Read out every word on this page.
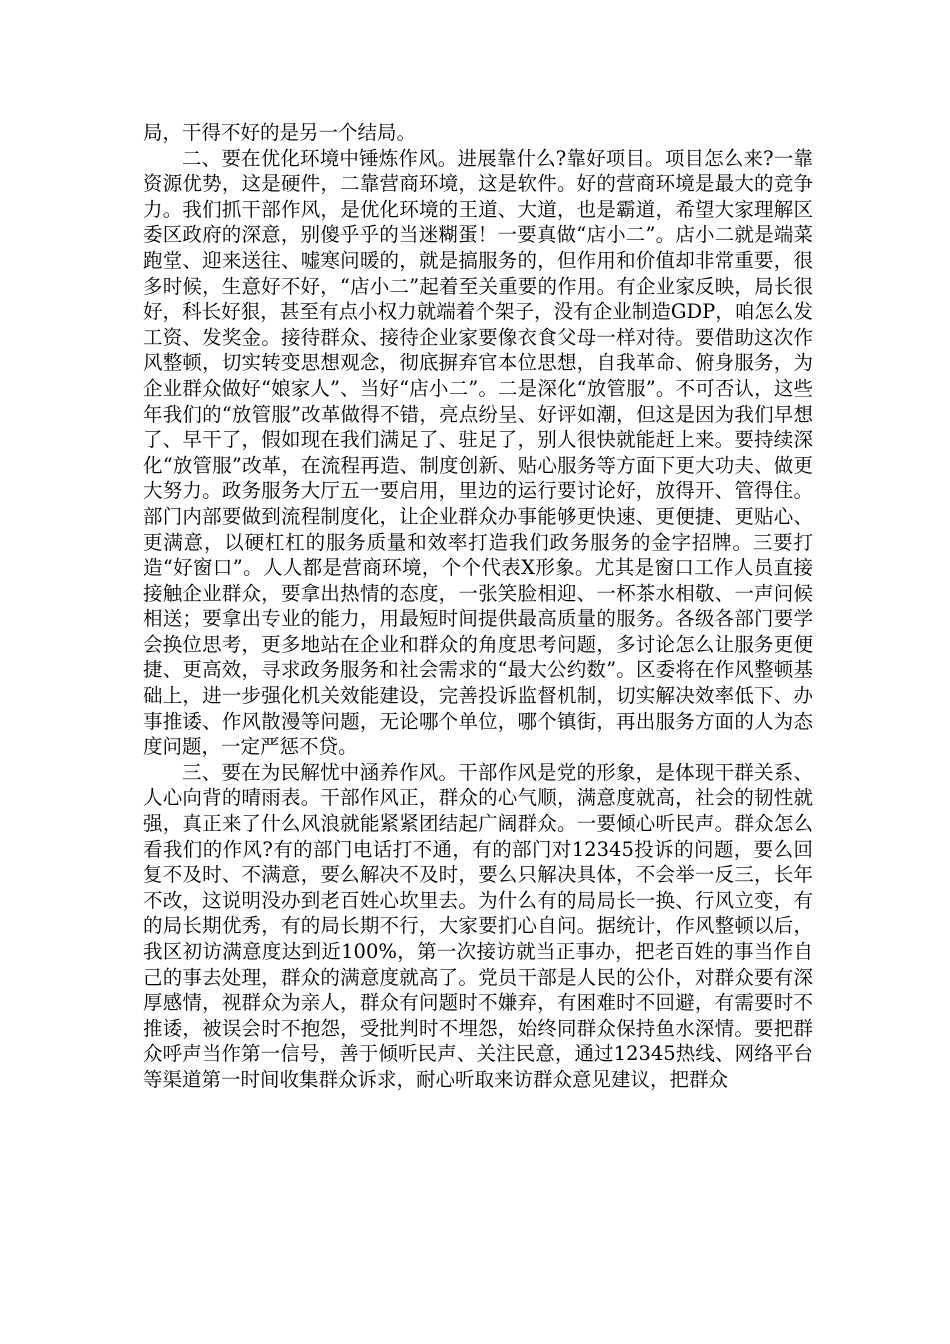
局，干得不好的是另一个结局。

二、要在优化环境中锤炼作风。进展靠什么?靠好项目。项目怎么来?一靠资源优势，这是硬件，二靠营商环境，这是软件。好的营商环境是最大的竞争力。我们抓干部作风，是优化环境的王道、大道，也是霸道，希望大家理解区委区政府的深意，别傻乎乎的当迷糊蛋！一要真做“店小二”。店小二就是端菜跑堂、迎来送往、嘘寒问暖的，就是搞服务的，但作用和价值却非常重要，很多时候，生意好不好，“店小二”起着至关重要的作用。有企业家反映，局长很好，科长好狠，甚至有点小权力就端着个架子，没有企业制造GDP，咱怎么发工资、发奖金。接待群众、接待企业家要像衣食父母一样对待。要借助这次作风整顿，切实转变思想观念，彻底摒弃官本位思想，自我革命、俯身服务，为企业群众做好“娘家人”、当好“店小二”。二是深化“放管服”。不可否认，这些年我们的“放管服”改革做得不错，亮点纷呈、好评如潮，但这是因为我们早想了、早干了，假如现在我们满足了、驻足了，别人很快就能赶上来。要持续深化“放管服”改革，在流程再造、制度创新、贴心服务等方面下更大功夫、做更大努力。政务服务大厅五一要启用，里边的运行要讨论好，放得开、管得住。部门内部要做到流程制度化，让企业群众办事能够更快速、更便捷、更贴心、更满意，以硬杠杠的服务质量和效率打造我们政务服务的金字招牌。三要打造“好窗口”。人人都是营商环境，个个代表X形象。尤其是窗口工作人员直接接触企业群众，要拿出热情的态度，一张笑脸相迎、一杯茶水相敬、一声问候相送；要拿出专业的能力，用最短时间提供最高质量的服务。各级各部门要学会换位思考，更多地站在企业和群众的角度思考问题，多讨论怎么让服务更便捷、更高效，寻求政务服务和社会需求的“最大公约数”。区委将在作风整顿基础上，进一步强化机关效能建设，完善投诉监督机制，切实解决效率低下、办事推诿、作风散漫等问题，无论哪个单位，哪个镇街，再出服务方面的人为态度问题，一定严惩不贷。

三、要在为民解忧中涵养作风。干部作风是党的形象，是体现干群关系、人心向背的晴雨表。干部作风正，群众的心气顺，满意度就高，社会的韧性就强，真正来了什么风浪就能紧紧团结起广阔群众。一要倾心听民声。群众怎么看我们的作风?有的部门电话打不通，有的部门对12345投诉的问题，要么回复不及时、不满意，要么解决不及时，要么只解决具体，不会举一反三，长年不改，这说明没办到老百姓心坎里去。为什么有的局局长一换、行风立变，有的局长期优秀，有的局长期不行，大家要扪心自问。据统计，作风整顿以后，我区初访满意度达到近100%，第一次接访就当正事办，把老百姓的事当作自己的事去处理，群众的满意度就高了。党员干部是人民的公仆，对群众要有深厚感情，视群众为亲人，群众有问题时不嫌弃，有困难时不回避，有需要时不推诿，被误会时不抱怨，受批判时不埋怨，始终同群众保持鱼水深情。要把群众呼声当作第一信号，善于倾听民声、关注民意，通过12345热线、网络平台等渠道第一时间收集群众诉求，耐心听取来访群众意见建议，把群众
